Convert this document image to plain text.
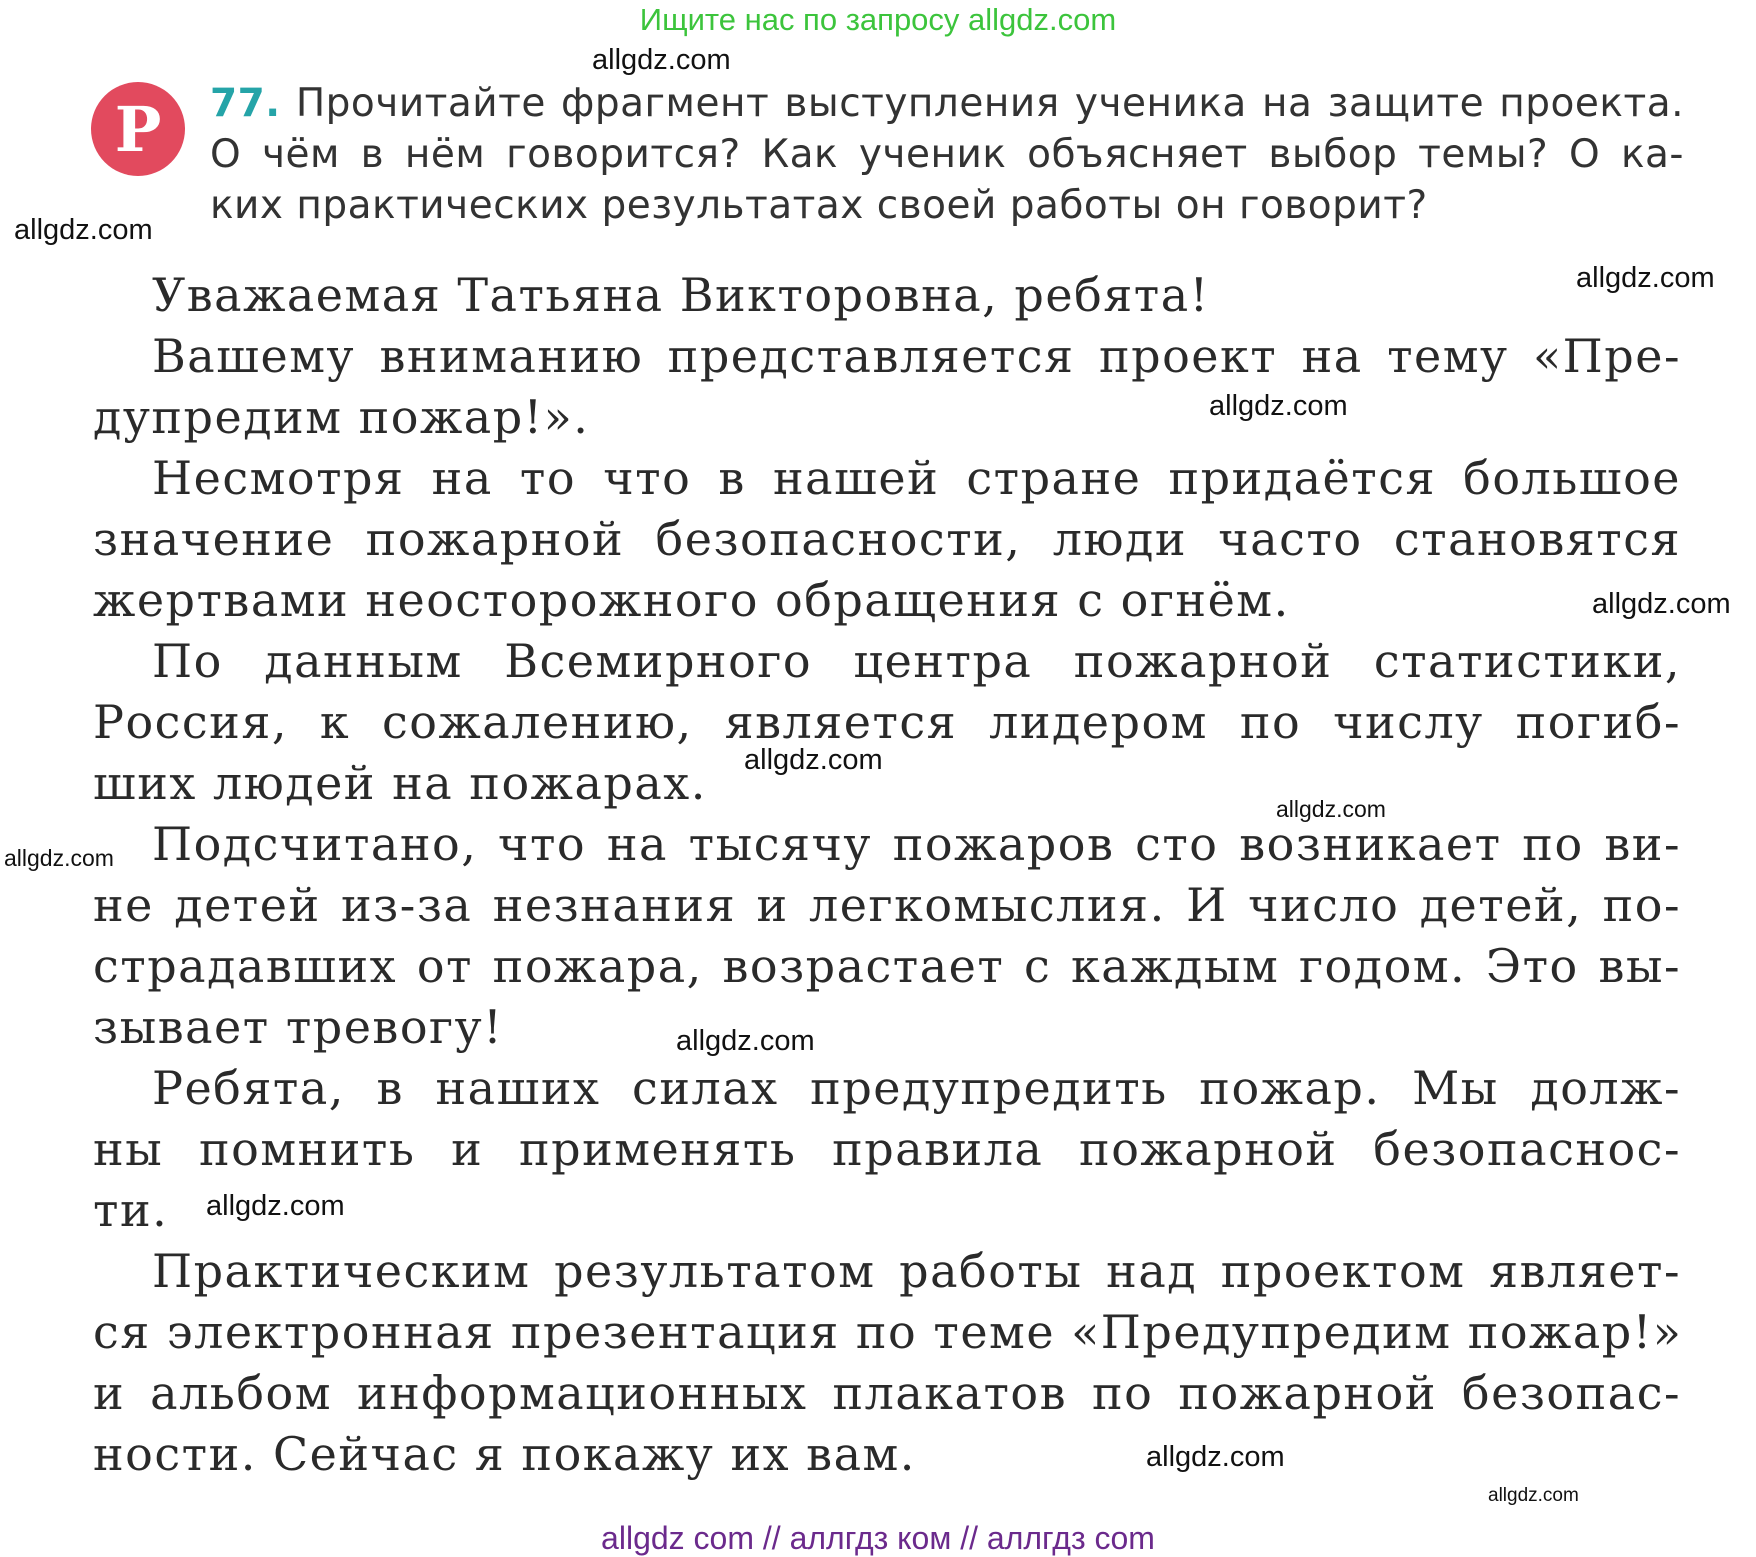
Ищите нас по запросу allgdz.com
Р	77. Прочитайте фрагмент выступления ученика на защите проекта.
О чём в нём говорится? Как ученик объясняет выбор темы? О ка-
ких практических результатах своей работы он говорит?
Уважаемая Татьяна Викторовна, ребята!
Вашему вниманию представляется проект на тему «Пре-
дупредим пожар!».
Несмотря на то что в нашей стране придаётся большое
значение пожарной безопасности, люди часто становятся
жертвами неосторожного обращения с огнём.
По данным Всемирного центра пожарной статистики,
Россия, к сожалению, является лидером по числу погиб-
ших людей на пожарах.
Подсчитано, что на тысячу пожаров сто возникает по ви-
не детей из-за незнания и легкомыслия. И число детей, по-
страдавших от пожара, возрастает с каждым годом. Это вы-
зывает тревогу!
Ребята, в наших силах предупредить пожар. Мы долж-
ны помнить и применять правила пожарной безопаснос-
ти.
Практическим результатом работы над проектом являет-
ся электронная презентация по теме «Предупредим пожар!»
и альбом информационных плакатов по пожарной безопас-
ности. Сейчас я покажу их вам.
allgdz.com
allgdz.com
allgdz.com
allgdz.com
allgdz.com
allgdz.com
allgdz.com
allgdz.com
allgdz.com
allgdz.com
allgdz.com
allgdz.com
allgdz com // аллгдз ком // аллгдз com
